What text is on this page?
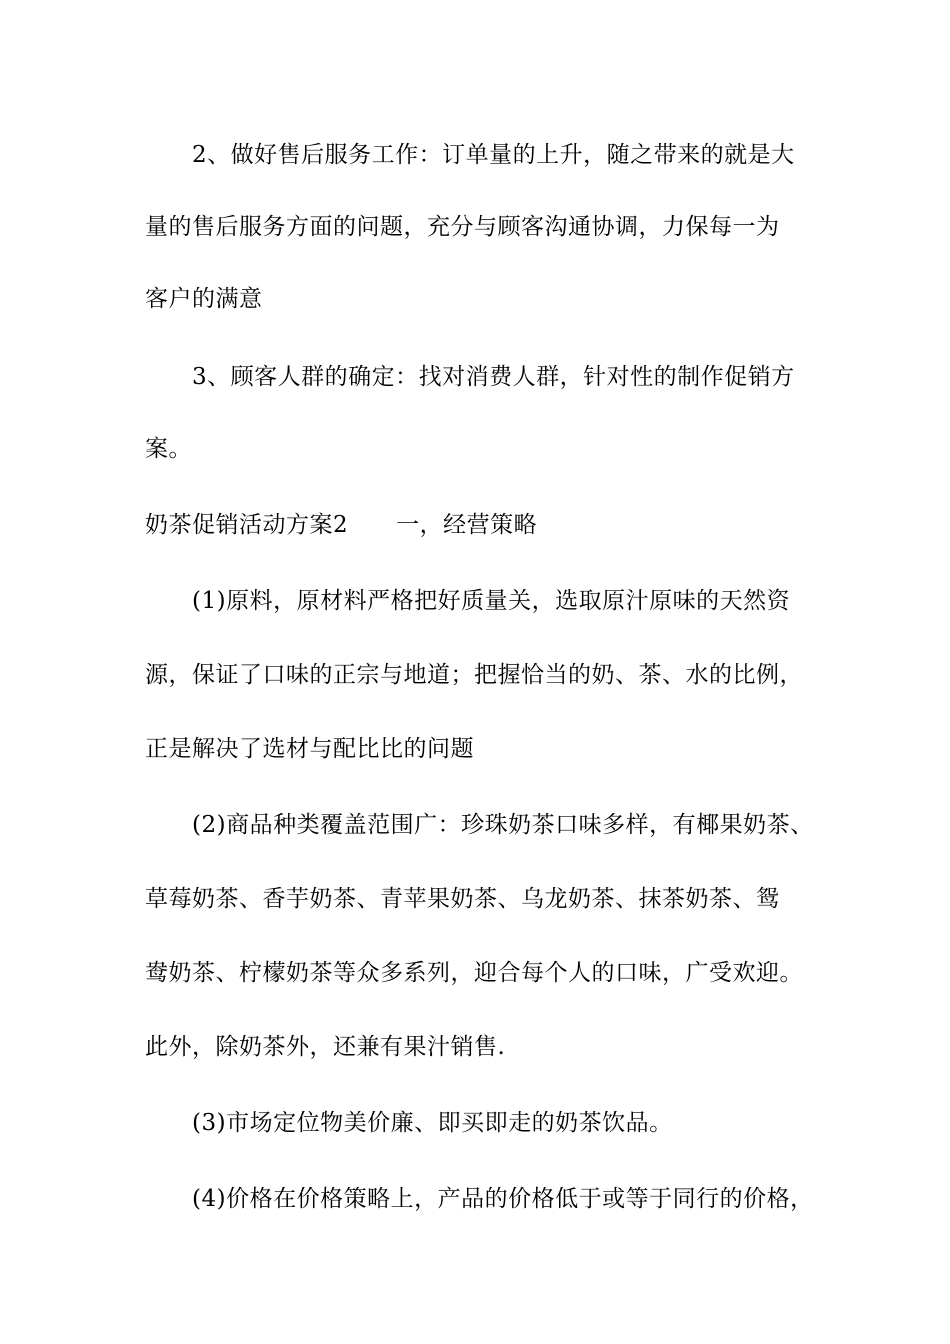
2、做好售后服务工作：订单量的上升，随之带来的就是大
量的售后服务方面的问题，充分与顾客沟通协调，力保每一为
客户的满意
3、顾客人群的确定：找对消费人群，针对性的制作促销方
案。
奶茶促销活动方案2 一，经营策略
(1)原料，原材料严格把好质量关，选取原汁原味的天然资
源，保证了口味的正宗与地道；把握恰当的奶、茶、水的比例，
正是解决了选材与配比比的问题
(2)商品种类覆盖范围广：珍珠奶茶口味多样，有椰果奶茶、
草莓奶茶、香芋奶茶、青苹果奶茶、乌龙奶茶、抹茶奶茶、鸳
鸯奶茶、柠檬奶茶等众多系列，迎合每个人的口味，广受欢迎。
此外，除奶茶外，还兼有果汁销售.
(3)市场定位物美价廉、即买即走的奶茶饮品。
(4)价格在价格策略上，产品的价格低于或等于同行的价格，
